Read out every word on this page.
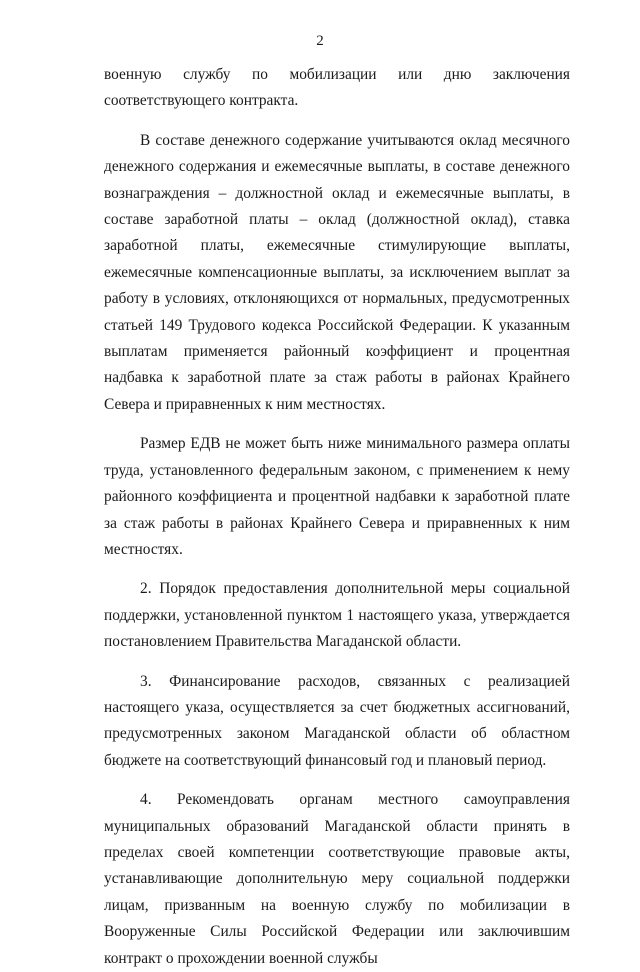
2

военную службу по мобилизации или дню заключения соответствующего контракта.

В составе денежного содержание учитываются оклад месячного денежного содержания и ежемесячные выплаты, в составе денежного вознаграждения – должностной оклад и ежемесячные выплаты, в составе заработной платы – оклад (должностной оклад), ставка заработной платы, ежемесячные стимулирующие выплаты, ежемесячные компенсационные выплаты, за исключением выплат за работу в условиях, отклоняющихся от нормальных, предусмотренных статьей 149 Трудового кодекса Российской Федерации. К указанным выплатам применяется районный коэффициент и процентная надбавка к заработной плате за стаж работы в районах Крайнего Севера и приравненных к ним местностях.

Размер ЕДВ не может быть ниже минимального размера оплаты труда, установленного федеральным законом, с применением к нему районного коэффициента и процентной надбавки к заработной плате за стаж работы в районах Крайнего Севера и приравненных к ним местностях.

2. Порядок предоставления дополнительной меры социальной поддержки, установленной пунктом 1 настоящего указа, утверждается постановлением Правительства Магаданской области.

3. Финансирование расходов, связанных с реализацией настоящего указа, осуществляется за счет бюджетных ассигнований, предусмотренных законом Магаданской области об областном бюджете на соответствующий финансовый год и плановый период.

4. Рекомендовать органам местного самоуправления муниципальных образований Магаданской области принять в пределах своей компетенции соответствующие правовые акты, устанавливающие дополнительную меру социальной поддержки лицам, призванным на военную службу по мобилизации в Вооруженные Силы Российской Федерации или заключившим контракт о прохождении военной службы
